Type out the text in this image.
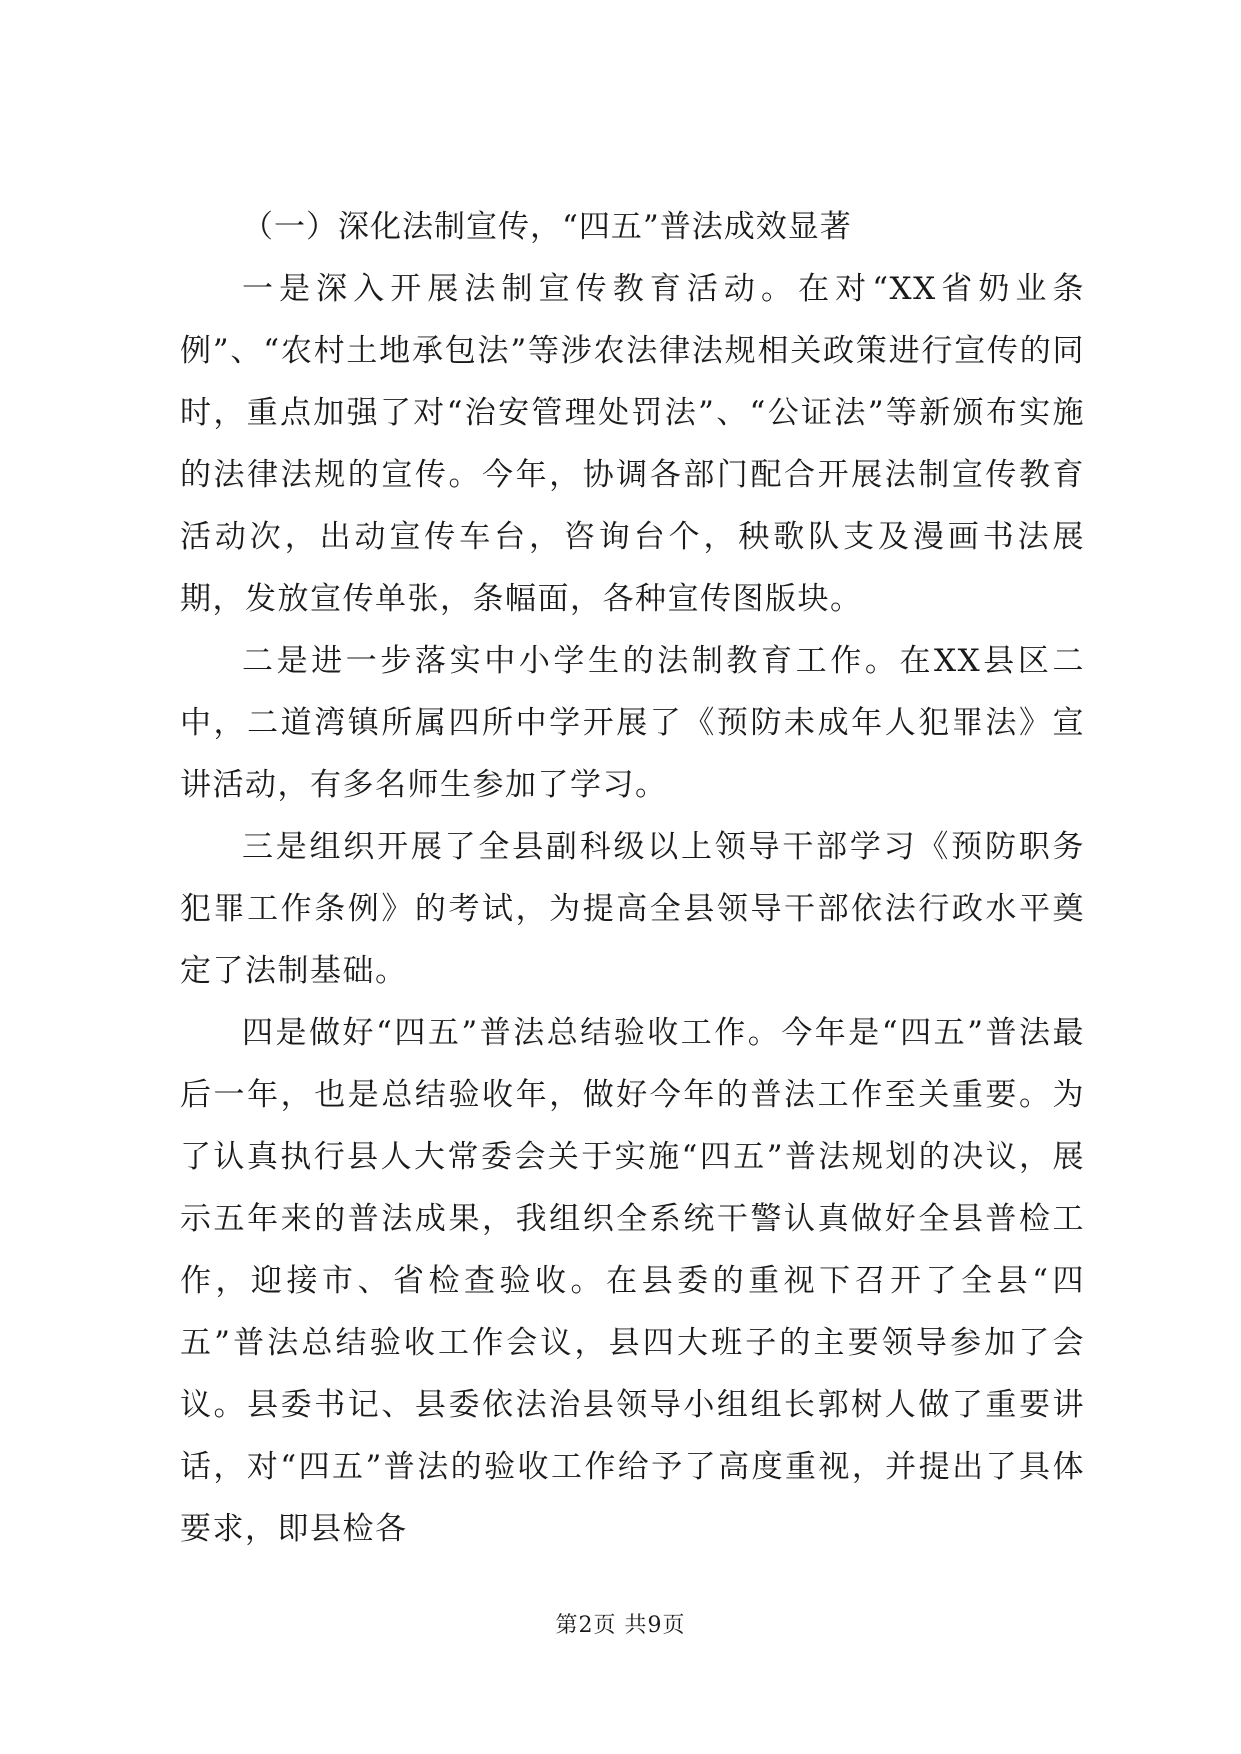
（一）深化法制宣传，“四五”普法成效显著

一是深入开展法制宣传教育活动。在对“XX省奶业条例”、“农村土地承包法”等涉农法律法规相关政策进行宣传的同时，重点加强了对“治安管理处罚法”、“公证法”等新颁布实施的法律法规的宣传。今年，协调各部门配合开展法制宣传教育活动次，出动宣传车台，咨询台个，秧歌队支及漫画书法展期，发放宣传单张，条幅面，各种宣传图版块。

二是进一步落实中小学生的法制教育工作。在XX县区二中，二道湾镇所属四所中学开展了《预防未成年人犯罪法》宣讲活动，有多名师生参加了学习。

三是组织开展了全县副科级以上领导干部学习《预防职务犯罪工作条例》的考试，为提高全县领导干部依法行政水平奠定了法制基础。

四是做好“四五”普法总结验收工作。今年是“四五”普法最后一年，也是总结验收年，做好今年的普法工作至关重要。为了认真执行县人大常委会关于实施“四五”普法规划的决议，展示五年来的普法成果，我组织全系统干警认真做好全县普检工作，迎接市、省检查验收。在县委的重视下召开了全县“四五”普法总结验收工作会议，县四大班子的主要领导参加了会议。县委书记、县委依法治县领导小组组长郭树人做了重要讲话，对“四五”普法的验收工作给予了高度重视，并提出了具体要求，即县检各

第2页 共9页
